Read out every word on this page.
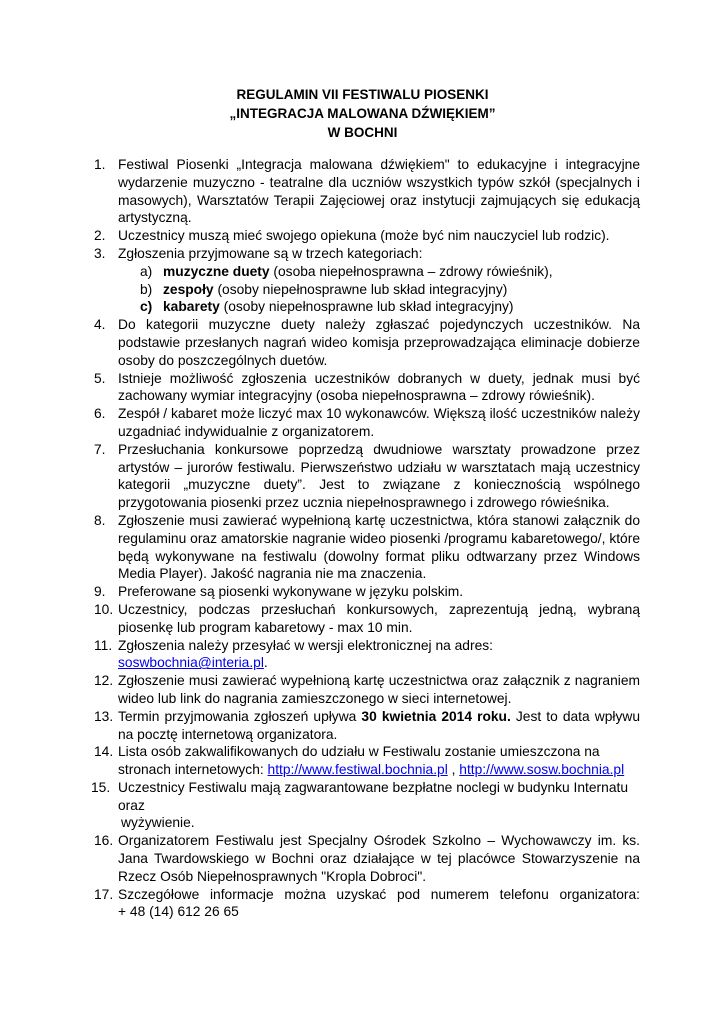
REGULAMIN VII FESTIWALU PIOSENKI
„INTEGRACJA MALOWANA DŹWIĘKIEM”
W BOCHNI
1. Festiwal Piosenki „Integracja malowana dźwiękiem" to edukacyjne i integracyjne wydarzenie muzyczno - teatralne dla uczniów wszystkich typów szkół (specjalnych i masowych), Warsztatów Terapii Zajęciowej oraz instytucji zajmujących się edukacją artystyczną.
2. Uczestnicy muszą mieć swojego opiekuna (może być nim nauczyciel lub rodzic).
3. Zgłoszenia przyjmowane są w trzech kategoriach:
a) muzyczne duety (osoba niepełnosprawna – zdrowy rówieśnik),
b) zespoły (osoby niepełnosprawne lub skład integracyjny)
c) kabarety (osoby niepełnosprawne lub skład integracyjny)
4. Do kategorii muzyczne duety należy zgłaszać pojedynczych uczestników. Na podstawie przesłanych nagrań wideo komisja przeprowadzająca eliminacje dobierze osoby do poszczególnych duetów.
5. Istnieje możliwość zgłoszenia uczestników dobranych w duety, jednak musi być zachowany wymiar integracyjny (osoba niepełnosprawna – zdrowy rówieśnik).
6. Zespół / kabaret może liczyć max 10 wykonawców. Większą ilość uczestników należy uzgadniać indywidualnie z organizatorem.
7. Przesłuchania konkursowe poprzedzą dwudniowe warsztaty prowadzone przez artystów – jurorów festiwalu. Pierwszeństwo udziału w warsztatach mają uczestnicy kategorii „muzyczne duety”. Jest to związane z koniecznością wspólnego przygotowania piosenki przez ucznia niepełnosprawnego i zdrowego rówieśnika.
8. Zgłoszenie musi zawierać wypełnioną kartę uczestnictwa, która stanowi załącznik do regulaminu oraz amatorskie nagranie wideo piosenki /programu kabaretowego/, które będą wykonywane na festiwalu (dowolny format pliku odtwarzany przez Windows Media Player). Jakość nagrania nie ma znaczenia.
9. Preferowane są piosenki wykonywane w języku polskim.
10. Uczestnicy, podczas przesłuchań konkursowych, zaprezentują jedną, wybraną piosenkę lub program kabaretowy - max 10 min.
11. Zgłoszenia należy przesyłać w wersji elektronicznej na adres: soswbochnia@interia.pl.
12. Zgłoszenie musi zawierać wypełnioną kartę uczestnictwa oraz załącznik z nagraniem wideo lub link do nagrania zamieszczonego w sieci internetowej.
13. Termin przyjmowania zgłoszeń upływa 30 kwietnia 2014 roku. Jest to data wpływu na pocztę internetową organizatora.
14. Lista osób zakwalifikowanych do udziału w Festiwalu zostanie umieszczona na stronach internetowych: http://www.festiwal.bochnia.pl , http://www.sosw.bochnia.pl
15. Uczestnicy Festiwalu mają zagwarantowane bezpłatne noclegi w budynku Internatu oraz
wyżywienie.
16. Organizatorem Festiwalu jest Specjalny Ośrodek Szkolno – Wychowawczy im. ks. Jana Twardowskiego w Bochni oraz działające w tej placówce Stowarzyszenie na Rzecz Osób Niepełnosprawnych "Kropla Dobroci".
17. Szczegółowe informacje można uzyskać pod numerem telefonu organizatora:
+ 48 (14) 612 26 65
